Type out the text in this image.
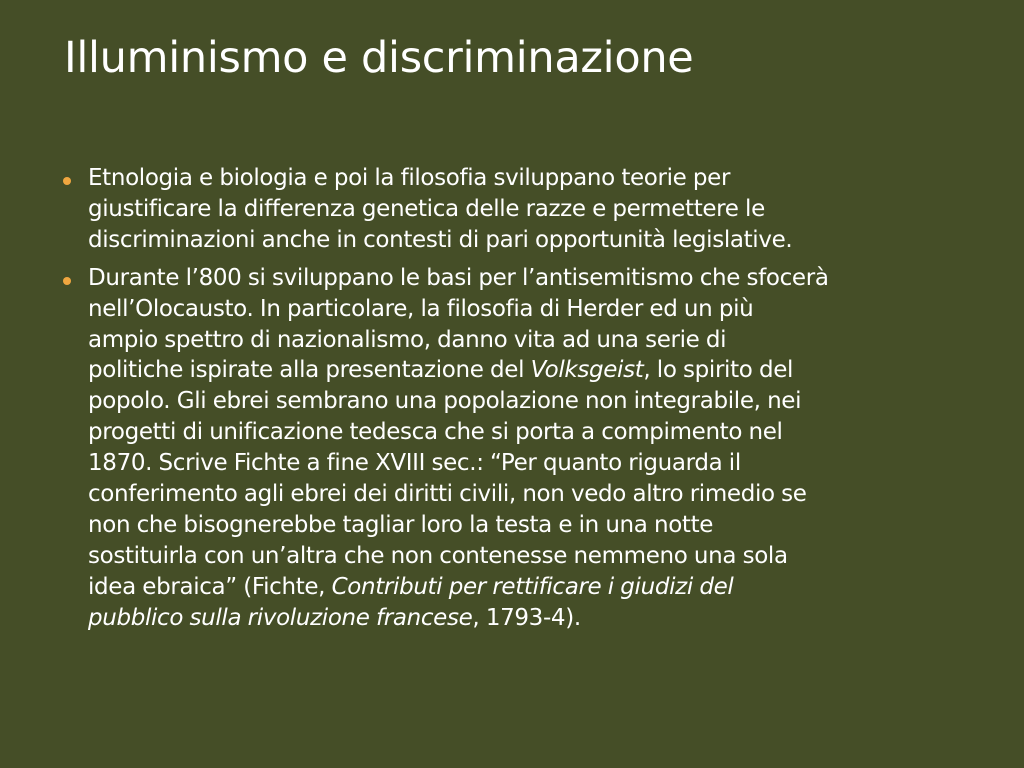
Illuminismo e discriminazione
Etnologia e biologia e poi la filosofia sviluppano teorie per
giustificare la differenza genetica delle razze e permettere le
discriminazioni anche in contesti di pari opportunità legislative.
Durante l’800 si sviluppano le basi per l’antisemitismo che sfocerà
nell’Olocausto. In particolare, la filosofia di Herder ed un più
ampio spettro di nazionalismo, danno vita ad una serie di
politiche ispirate alla presentazione del Volksgeist, lo spirito del
popolo. Gli ebrei sembrano una popolazione non integrabile, nei
progetti di unificazione tedesca che si porta a compimento nel
1870. Scrive Fichte a fine XVIII sec.: “Per quanto riguarda il
conferimento agli ebrei dei diritti civili, non vedo altro rimedio se
non che bisognerebbe tagliar loro la testa e in una notte
sostituirla con un’altra che non contenesse nemmeno una sola
idea ebraica” (Fichte, Contributi per rettificare i giudizi del
pubblico sulla rivoluzione francese, 1793-4).
